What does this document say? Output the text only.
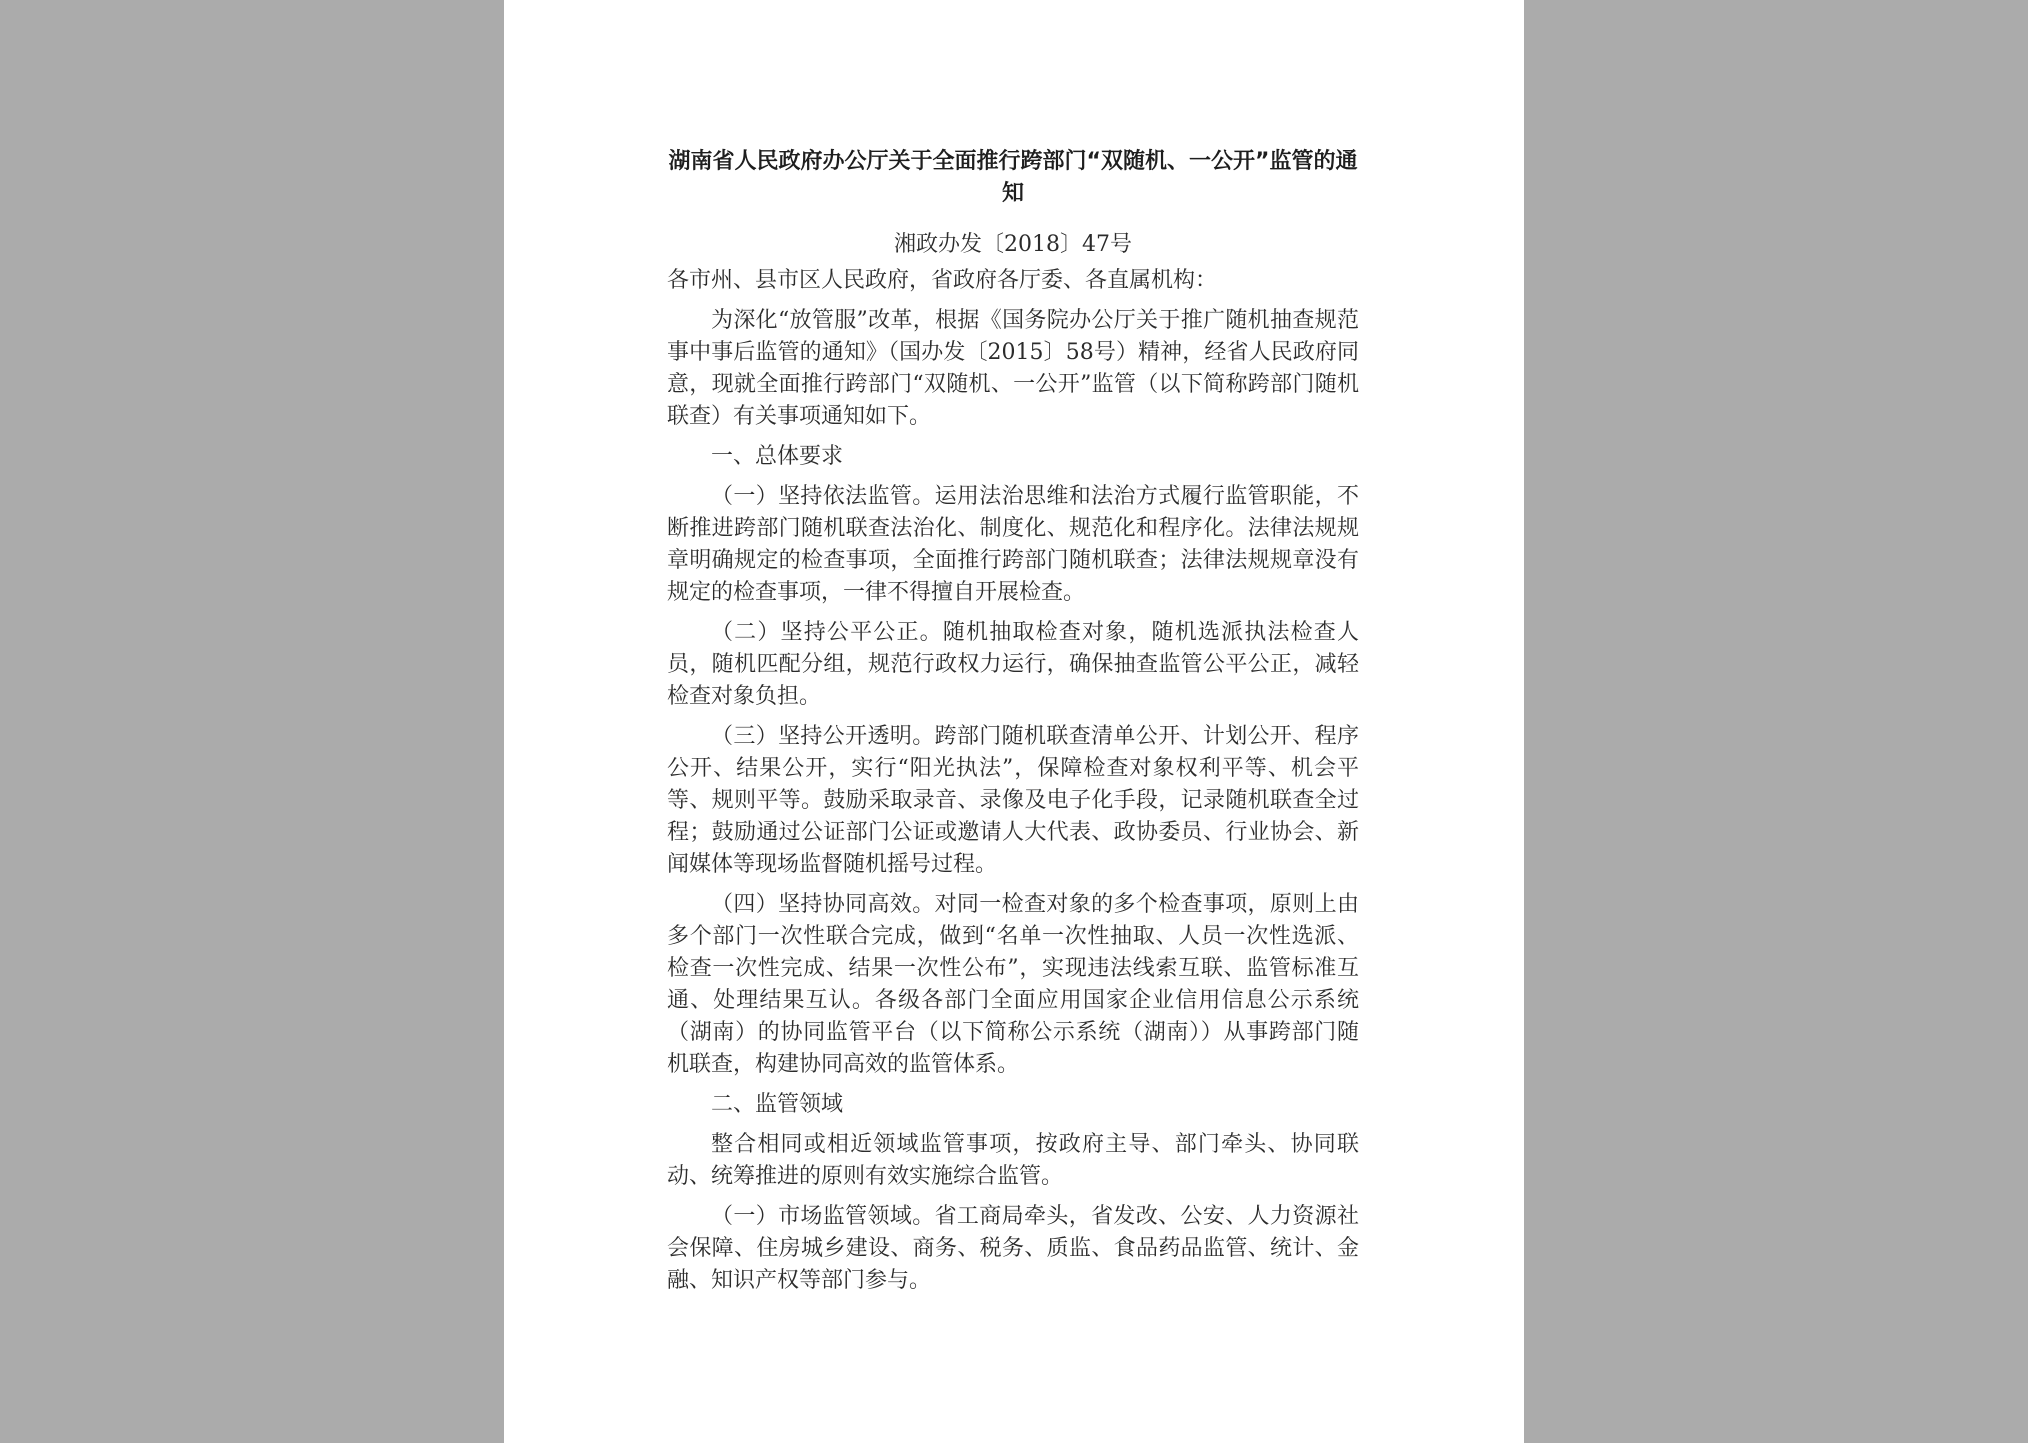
湖南省人民政府办公厅关于全面推行跨部门“双随机、一公开”监管的通知

湘政办发〔2018〕47号

各市州、县市区人民政府，省政府各厅委、各直属机构：

为深化“放管服”改革，根据《国务院办公厅关于推广随机抽查规范事中事后监管的通知》（国办发〔2015〕58号）精神，经省人民政府同意，现就全面推行跨部门“双随机、一公开”监管（以下简称跨部门随机联查）有关事项通知如下。

一、总体要求

（一）坚持依法监管。运用法治思维和法治方式履行监管职能，不断推进跨部门随机联查法治化、制度化、规范化和程序化。法律法规规章明确规定的检查事项，全面推行跨部门随机联查；法律法规规章没有规定的检查事项，一律不得擅自开展检查。

（二）坚持公平公正。随机抽取检查对象，随机选派执法检查人员，随机匹配分组，规范行政权力运行，确保抽查监管公平公正，减轻检查对象负担。

（三）坚持公开透明。跨部门随机联查清单公开、计划公开、程序公开、结果公开，实行“阳光执法”，保障检查对象权利平等、机会平等、规则平等。鼓励采取录音、录像及电子化手段，记录随机联查全过程；鼓励通过公证部门公证或邀请人大代表、政协委员、行业协会、新闻媒体等现场监督随机摇号过程。

（四）坚持协同高效。对同一检查对象的多个检查事项，原则上由多个部门一次性联合完成，做到“名单一次性抽取、人员一次性选派、检查一次性完成、结果一次性公布”，实现违法线索互联、监管标准互通、处理结果互认。各级各部门全面应用国家企业信用信息公示系统（湖南）的协同监管平台（以下简称公示系统（湖南））从事跨部门随机联查，构建协同高效的监管体系。

二、监管领域

整合相同或相近领域监管事项，按政府主导、部门牵头、协同联动、统筹推进的原则有效实施综合监管。

（一）市场监管领域。省工商局牵头，省发改、公安、人力资源社会保障、住房城乡建设、商务、税务、质监、食品药品监管、统计、金融、知识产权等部门参与。
